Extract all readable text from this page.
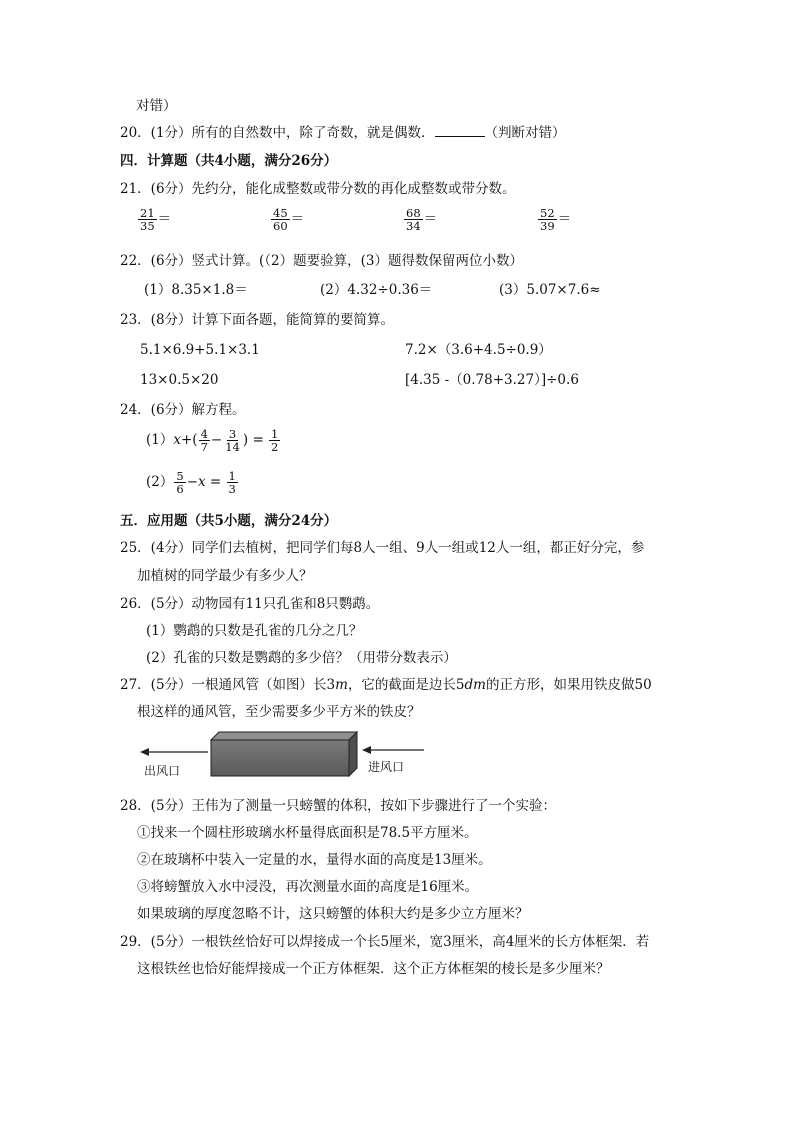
对错）
20．(1分）所有的自然数中，除了奇数，就是偶数．	（判断对错）
四．计算题（共4小题，满分26分）
21．(6分）先约分，能化成整数或带分数的再化成整数或带分数。
$\frac{21}{35}$ ＝	$\frac{45}{60}$ ＝	$\frac{68}{34}$ ＝	$\frac{52}{39}$ ＝
22．(6分）竖式计算。(（2）题要验算，(3）题得数保留两位小数）
(1）8.35×1.8＝	(2）4.32÷0.36＝	(3）5.07×7.6≈
23．(8分）计算下面各题，能简算的要简算。
5.1×6.9+5.1×3.1	7.2×（3.6+4.5÷0.9）
13×0.5×20	[4.35 -（0.78+3.27）]÷0.6
24．(6分）解方程。
$(1)x+( \frac{4}{7} - \frac{3}{14}$ ) = $\frac{1}{2}$
$(2) \frac{5}{6} -x = \frac{1}{3}$
五．应用题（共5小题，满分24分）
25．(4分）同学们去植树，把同学们每8人一组、9人一组或12人一组，都正好分完，参
加植树的同学最少有多少人？
26．(5分）动物园有11只孔雀和8只鹦鹉。
(1）鹦鹉的只数是孔雀的几分之几？
(2）孔雀的只数是鹦鹉的多少倍？（用带分数表示）
27．(5分）一根通风管（如图）长3m，它的截面是边长5dm的正方形，如果用铁皮做50
根这样的通风管，至少需要多少平方米的铁皮？
出风口	进风口
28．(5分）王伟为了测量一只螃蟹的体积，按如下步骤进行了一个实验：
①找来一个圆柱形玻璃水杯量得底面积是78.5平方厘米。
②在玻璃杯中装入一定量的水，量得水面的高度是13厘米。
③将螃蟹放入水中浸没，再次测量水面的高度是16厘米。
如果玻璃的厚度忽略不计，这只螃蟹的体积大约是多少立方厘米？
29．(5分）一根铁丝恰好可以焊接成一个长5厘米，宽3厘米，高4厘米的长方体框架．若
这根铁丝也恰好能焊接成一个正方体框架．这个正方体框架的棱长是多少厘米？
